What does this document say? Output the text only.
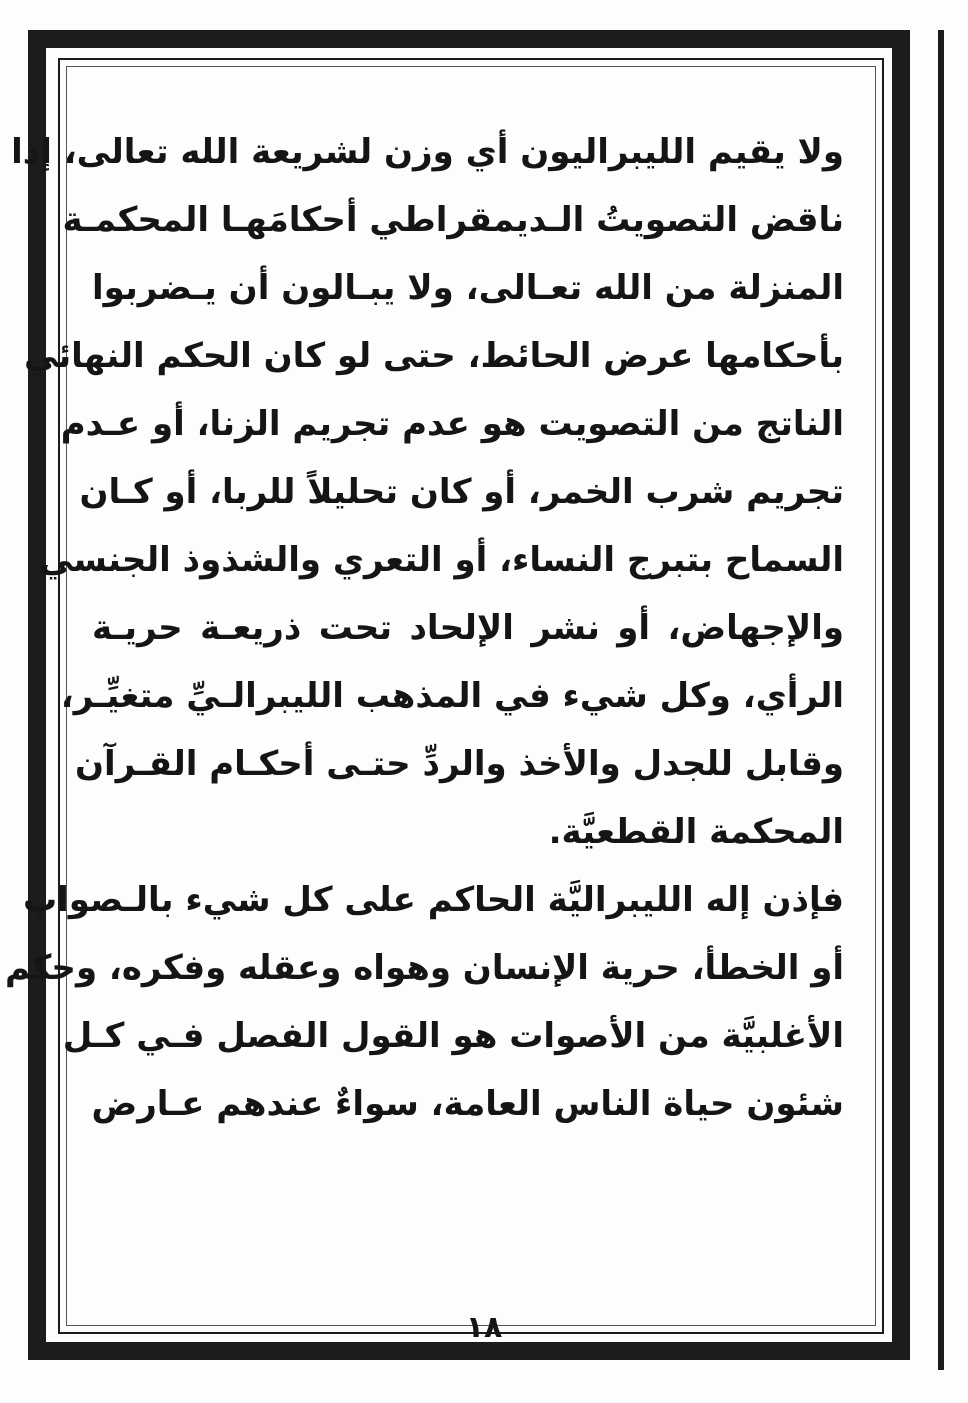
ولا يقيم الليبراليون أي وزن لشريعة الله تعالى، إذا
ناقض التصويتُ الـديمقراطي أحكامَهـا المحكمـة
المنزلة من الله تعـالى، ولا يبـالون أن يـضربوا
بأحكامها عرض الحائط، حتى لو كان الحكم النهائي
الناتج من التصويت هو عدم تجريم الزنا، أو عـدم
تجريم شرب الخمر، أو كان تحليلاً للربا، أو كـان
السماح بتبرج النساء، أو التعري والشذوذ الجنسي
والإجهاض، أو نشر الإلحاد تحت ذريعـة حريـة
الرأي، وكل شيء في المذهب الليبرالـيِّ متغيِّـر،
وقابل للجدل والأخذ والردِّ حتـى أحكـام القـرآن
المحكمة القطعيَّة.
فإذن إله الليبراليَّة الحاكم على كل شيء بالـصواب
أو الخطأ، حرية الإنسان وهواه وعقله وفكره، وحكم
الأغلبيَّة من الأصوات هو القول الفصل فـي كـل
شئون حياة الناس العامة، سواءٌ عندهم عـارض
١٨
